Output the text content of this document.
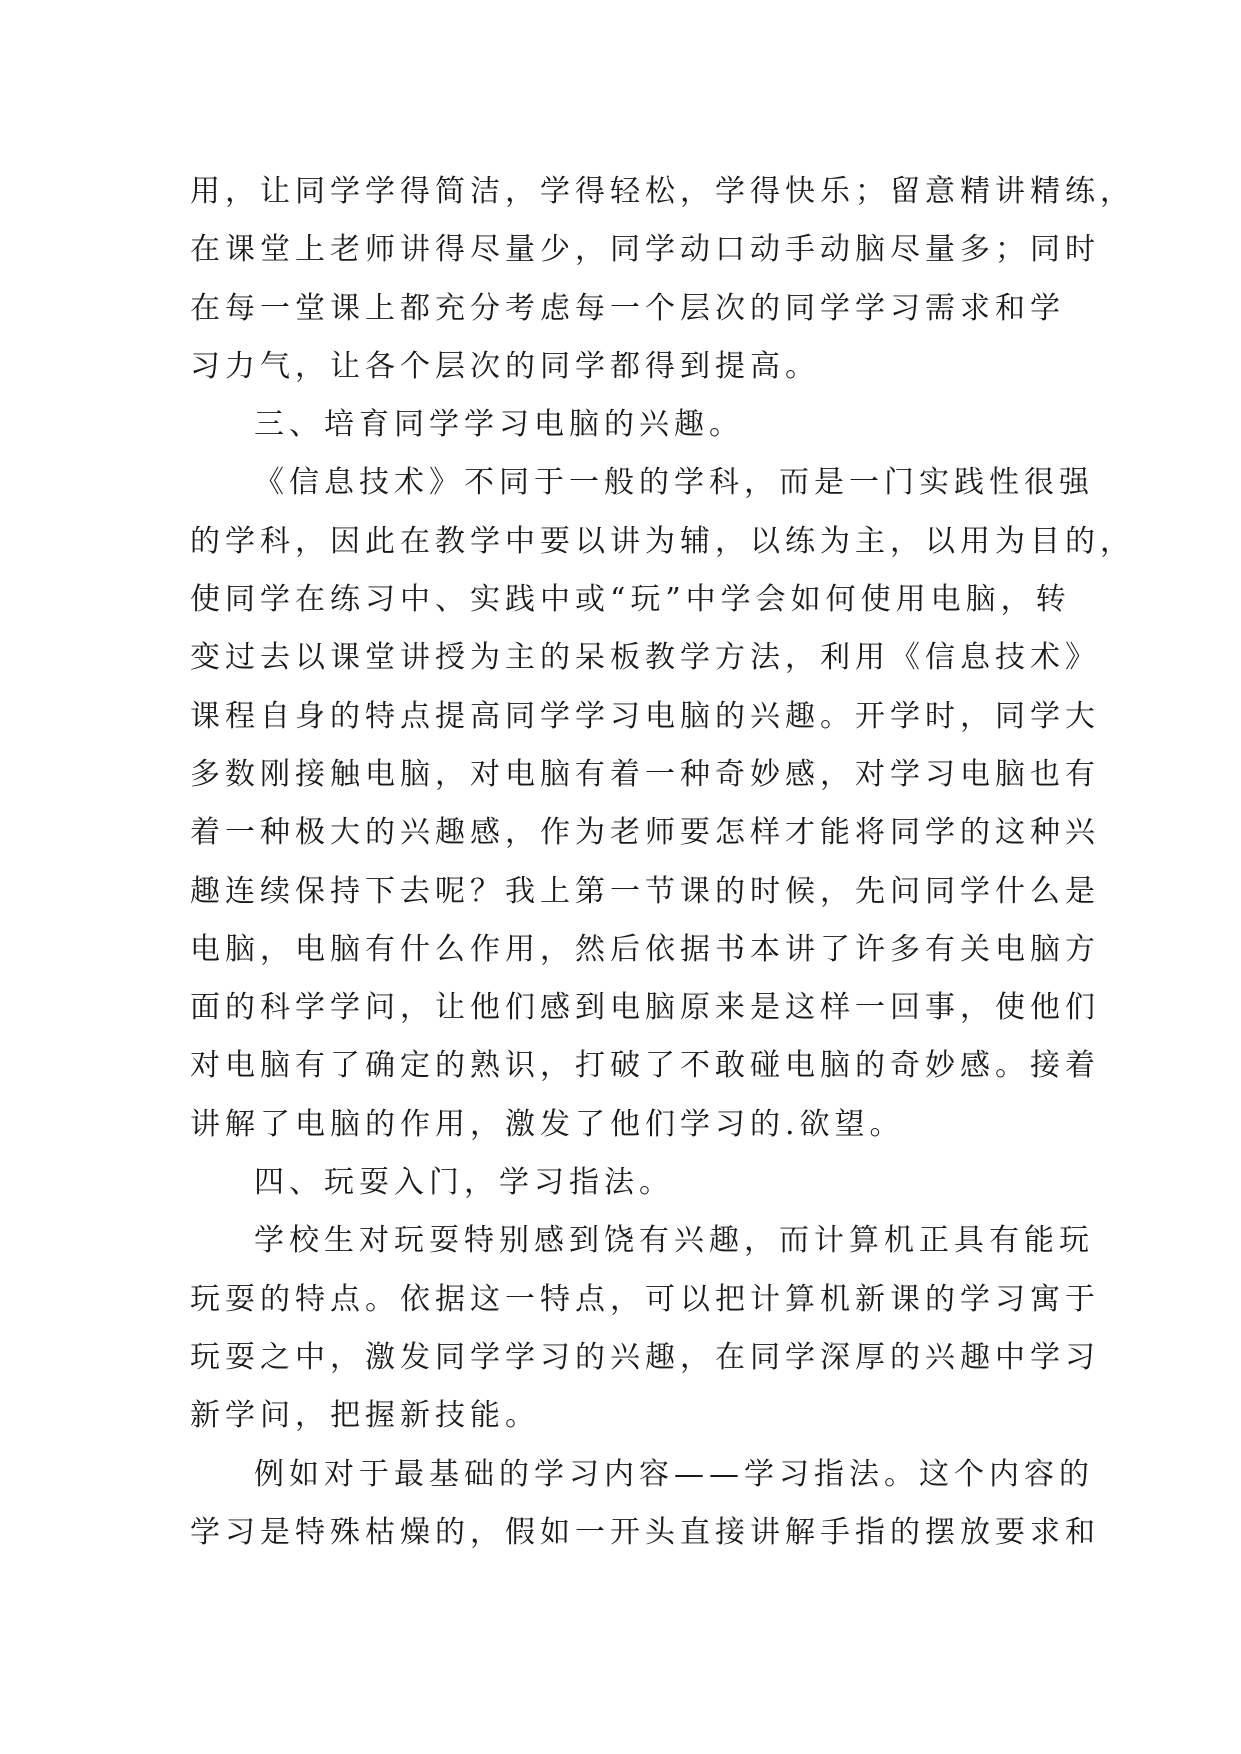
用，让同学学得简洁，学得轻松，学得快乐；留意精讲精练，
在课堂上老师讲得尽量少，同学动口动手动脑尽量多；同时
在每一堂课上都充分考虑每一个层次的同学学习需求和学
习力气，让各个层次的同学都得到提高。
三、培育同学学习电脑的兴趣。
《信息技术》不同于一般的学科，而是一门实践性很强
的学科，因此在教学中要以讲为辅，以练为主，以用为目的，
使同学在练习中、实践中或“玩”中学会如何使用电脑，转
变过去以课堂讲授为主的呆板教学方法，利用《信息技术》
课程自身的特点提高同学学习电脑的兴趣。开学时，同学大
多数刚接触电脑，对电脑有着一种奇妙感，对学习电脑也有
着一种极大的兴趣感，作为老师要怎样才能将同学的这种兴
趣连续保持下去呢？我上第一节课的时候，先问同学什么是
电脑，电脑有什么作用，然后依据书本讲了许多有关电脑方
面的科学学问，让他们感到电脑原来是这样一回事，使他们
对电脑有了确定的熟识，打破了不敢碰电脑的奇妙感。接着
讲解了电脑的作用，激发了他们学习的.欲望。
四、玩耍入门，学习指法。
学校生对玩耍特别感到饶有兴趣，而计算机正具有能玩
玩耍的特点。依据这一特点，可以把计算机新课的学习寓于
玩耍之中，激发同学学习的兴趣，在同学深厚的兴趣中学习
新学问，把握新技能。
例如对于最基础的学习内容——学习指法。这个内容的
学习是特殊枯燥的，假如一开头直接讲解手指的摆放要求和
